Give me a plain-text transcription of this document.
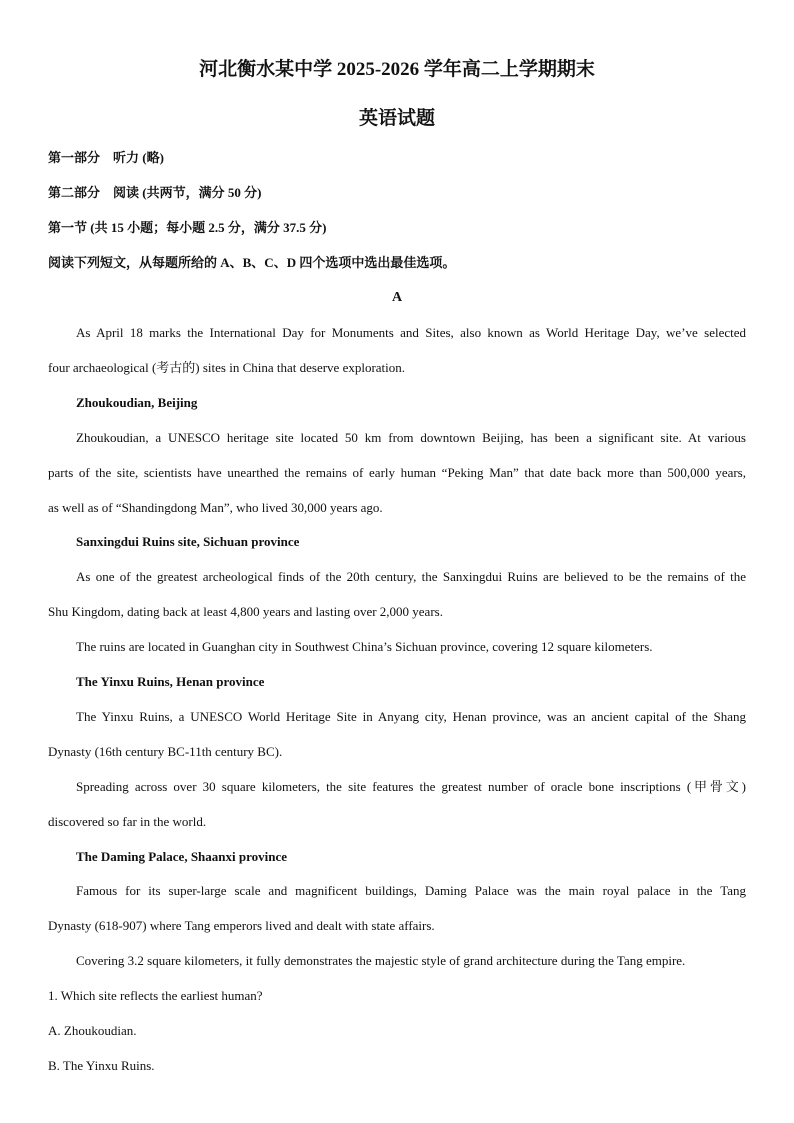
河北衡水某中学 2025-2026 学年高二上学期期末
英语试题
第一部分　听力 (略)
第二部分　阅读 (共两节，满分 50 分)
第一节 (共 15 小题；每小题 2.5 分，满分 37.5 分)
阅读下列短文，从每题所给的 A、B、C、D 四个选项中选出最佳选项。
A
As April 18 marks the International Day for Monuments and Sites, also known as World Heritage Day, we’ve selected
four archaeological (考古的) sites in China that deserve exploration.
Zhoukoudian, Beijing
Zhoukoudian, a UNESCO heritage site located 50 km from downtown Beijing, has been a significant site. At various
parts of the site, scientists have unearthed the remains of early human “Peking Man” that date back more than 500,000 years,
as well as of “Shandingdong Man”, who lived 30,000 years ago.
Sanxingdui Ruins site, Sichuan province
As one of the greatest archeological finds of the 20th century, the Sanxingdui Ruins are believed to be the remains of the
Shu Kingdom, dating back at least 4,800 years and lasting over 2,000 years.
The ruins are located in Guanghan city in Southwest China’s Sichuan province, covering 12 square kilometers.
The Yinxu Ruins, Henan province
The Yinxu Ruins, a UNESCO World Heritage Site in Anyang city, Henan province, was an ancient capital of the Shang
Dynasty (16th century BC-11th century BC).
Spreading across over 30 square kilometers, the site features the greatest number of oracle bone inscriptions (甲骨文)
discovered so far in the world.
The Daming Palace, Shaanxi province
Famous for its super-large scale and magnificent buildings, Daming Palace was the main royal palace in the Tang
Dynasty (618-907) where Tang emperors lived and dealt with state affairs.
Covering 3.2 square kilometers, it fully demonstrates the majestic style of grand architecture during the Tang empire.
1. Which site reflects the earliest human?
A. Zhoukoudian.
B. The Yinxu Ruins.
